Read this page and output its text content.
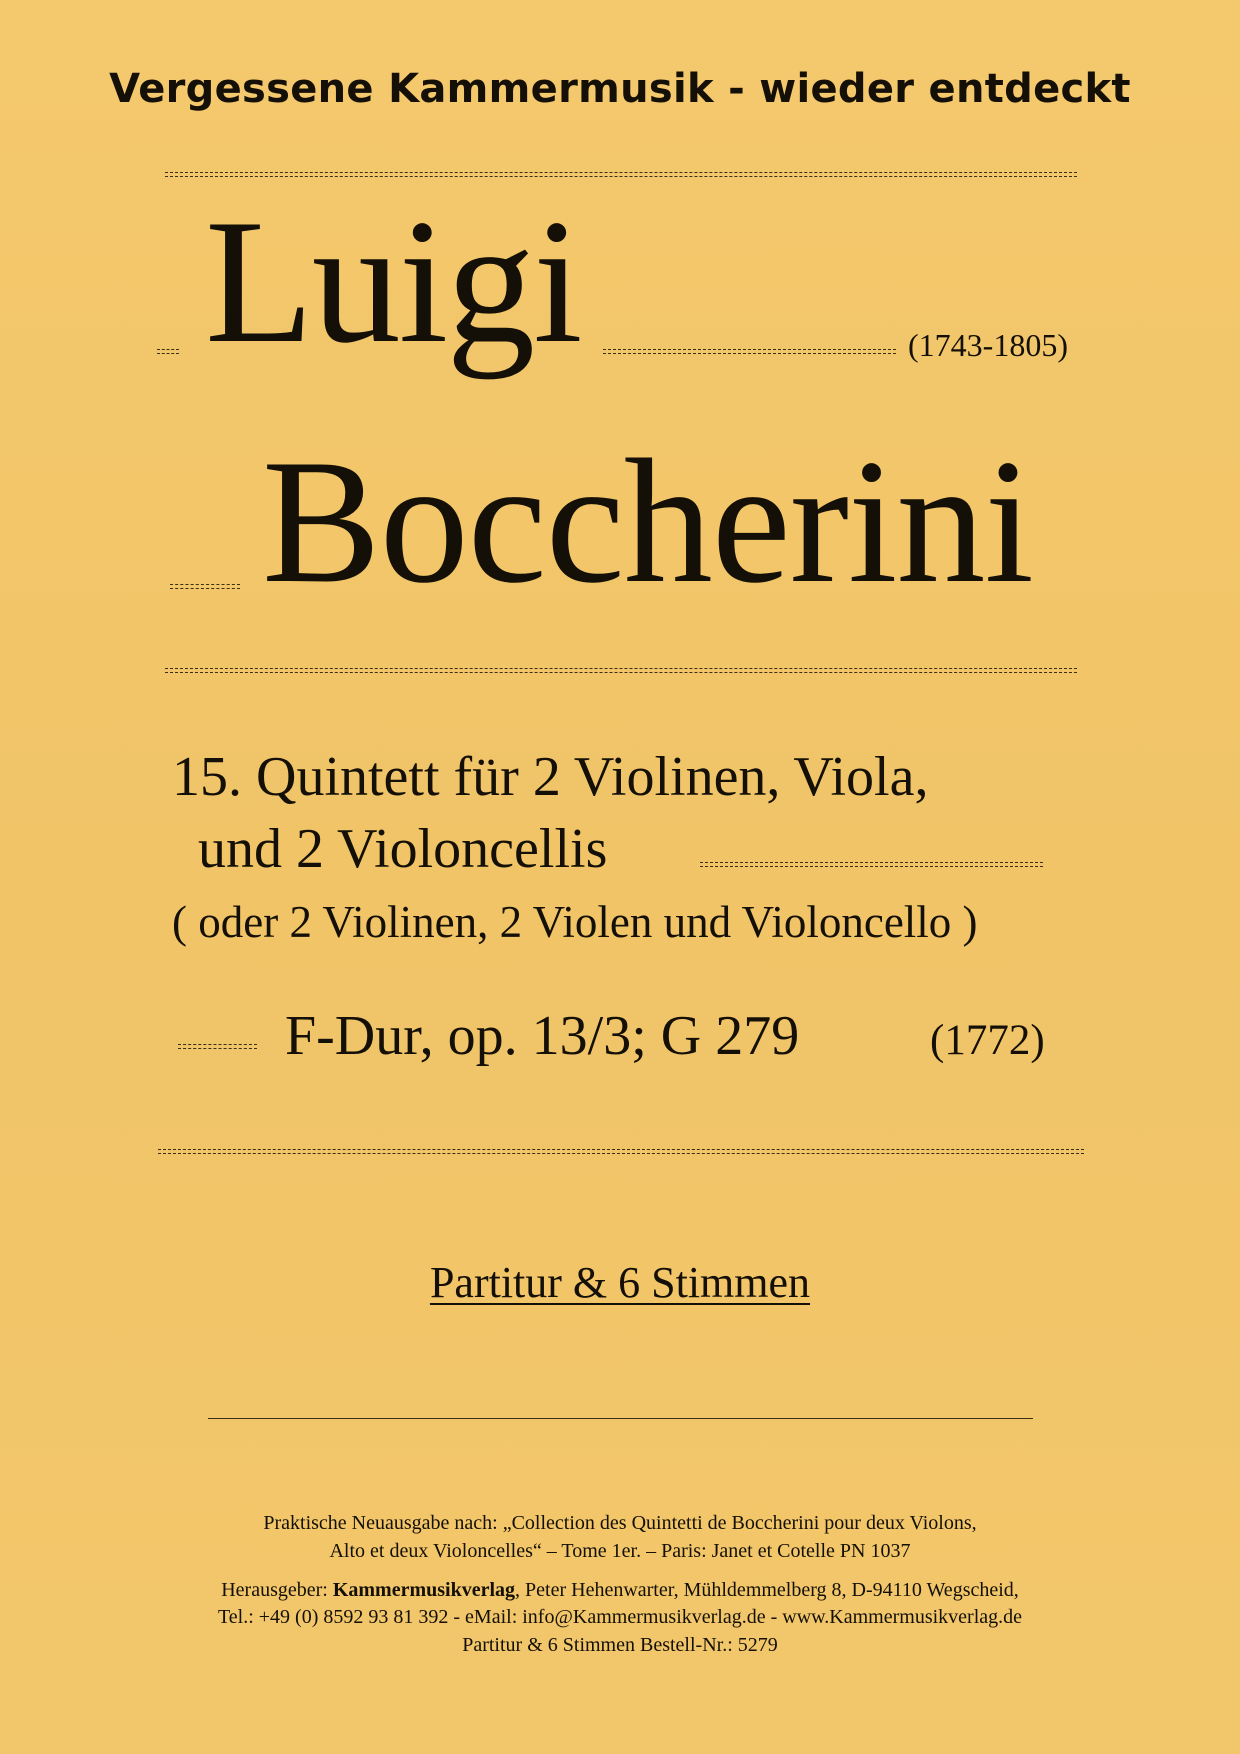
Vergessene Kammermusik - wieder entdeckt
Luigi	(1743-1805)
Boccherini
15. Quintett für 2 Violinen, Viola,
und 2 Violoncellis
( oder 2 Violinen, 2 Violen und Violoncello )
F-Dur, op. 13/3; G 279	(1772)
Partitur & 6 Stimmen
Praktische Neuausgabe nach: „Collection des Quintetti de Boccherini pour deux Violons,
Alto et deux Violoncelles“ – Tome 1er. – Paris: Janet et Cotelle PN 1037
Herausgeber: Kammermusikverlag, Peter Hehenwarter, Mühldemmelberg 8, D-94110 Wegscheid,
Tel.: +49 (0) 8592 93 81 392 - eMail: info@Kammermusikverlag.de - www.Kammermusikverlag.de
Partitur & 6 Stimmen Bestell-Nr.: 5279
